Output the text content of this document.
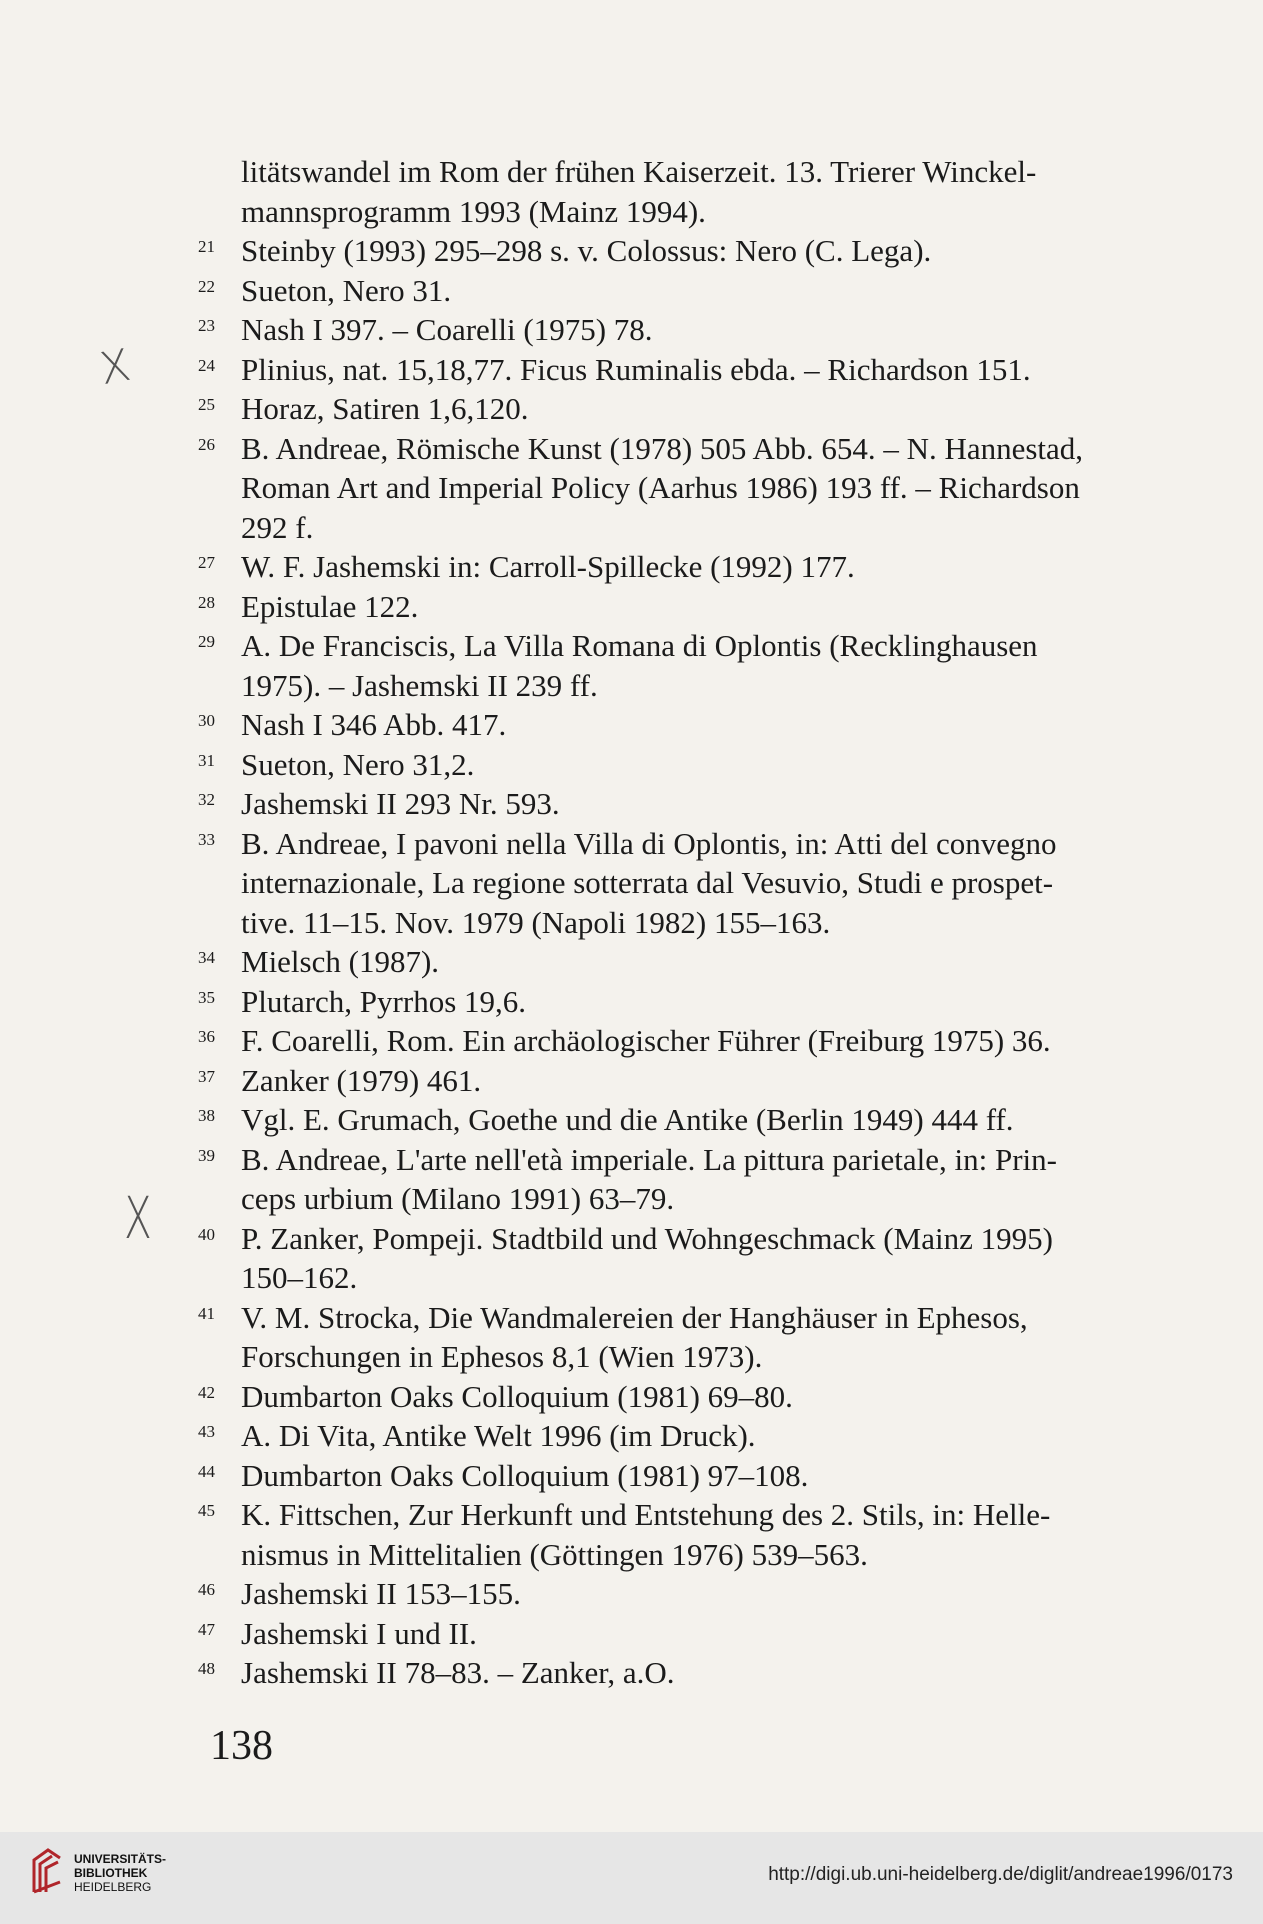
X
X
litätswandel im Rom der frühen Kaiserzeit. 13. Trierer Winckel-
mannsprogramm 1993 (Mainz 1994).
21 Steinby (1993) 295–298 s. v. Colossus: Nero (C. Lega).
22 Sueton, Nero 31.
23 Nash I 397. – Coarelli (1975) 78.
24 Plinius, nat. 15,18,77. Ficus Ruminalis ebda. – Richardson 151.
25 Horaz, Satiren 1,6,120.
26 B. Andreae, Römische Kunst (1978) 505 Abb. 654. – N. Hannestad,
Roman Art and Imperial Policy (Aarhus 1986) 193 ff. – Richardson
292 f.
27 W. F. Jashemski in: Carroll-Spillecke (1992) 177.
28 Epistulae 122.
29 A. De Franciscis, La Villa Romana di Oplontis (Recklinghausen
1975). – Jashemski II 239 ff.
30 Nash I 346 Abb. 417.
31 Sueton, Nero 31,2.
32 Jashemski II 293 Nr. 593.
33 B. Andreae, I pavoni nella Villa di Oplontis, in: Atti del convegno
internazionale, La regione sotterrata dal Vesuvio, Studi e prospet-
tive. 11–15. Nov. 1979 (Napoli 1982) 155–163.
34 Mielsch (1987).
35 Plutarch, Pyrrhos 19,6.
36 F. Coarelli, Rom. Ein archäologischer Führer (Freiburg 1975) 36.
37 Zanker (1979) 461.
38 Vgl. E. Grumach, Goethe und die Antike (Berlin 1949) 444 ff.
39 B. Andreae, L'arte nell'età imperiale. La pittura parietale, in: Prin-
ceps urbium (Milano 1991) 63–79.
40 P. Zanker, Pompeji. Stadtbild und Wohngeschmack (Mainz 1995)
150–162.
41 V. M. Strocka, Die Wandmalereien der Hanghäuser in Ephesos,
Forschungen in Ephesos 8,1 (Wien 1973).
42 Dumbarton Oaks Colloquium (1981) 69–80.
43 A. Di Vita, Antike Welt 1996 (im Druck).
44 Dumbarton Oaks Colloquium (1981) 97–108.
45 K. Fittschen, Zur Herkunft und Entstehung des 2. Stils, in: Helle-
nismus in Mittelitalien (Göttingen 1976) 539–563.
46 Jashemski II 153–155.
47 Jashemski I und II.
48 Jashemski II 78–83. – Zanker, a.O.
138
UNIVERSITÄTS-
BIBLIOTHEK
HEIDELBERG
http://digi.ub.uni-heidelberg.de/diglit/andreae1996/0173
